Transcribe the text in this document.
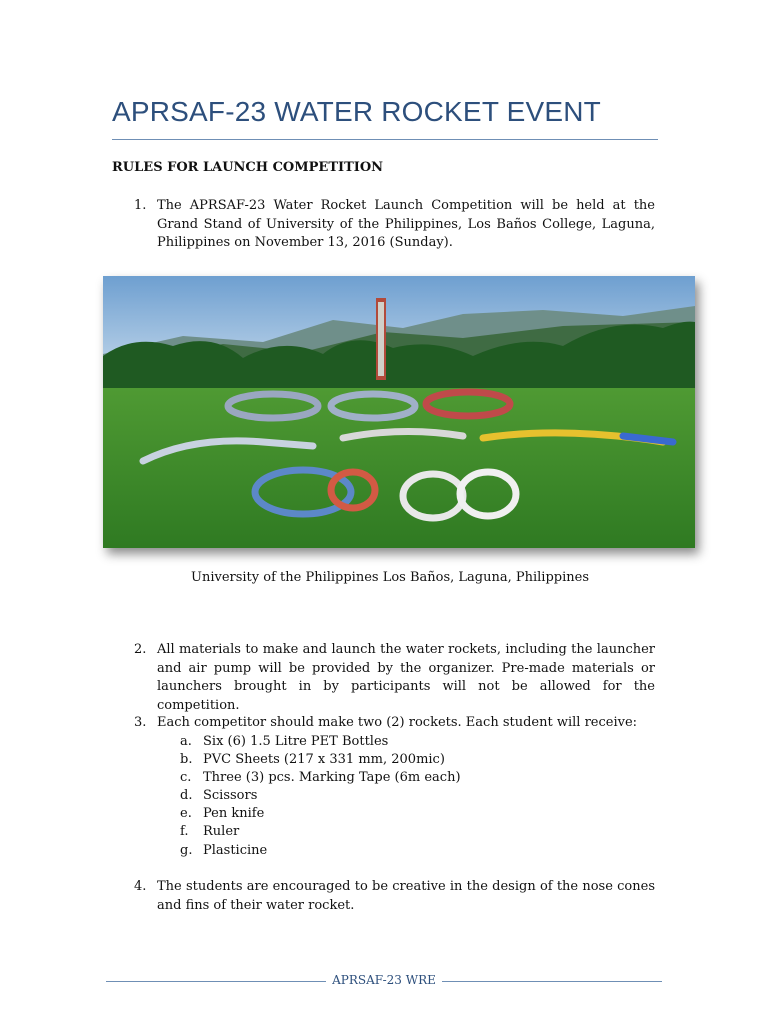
APRSAF-23 WATER ROCKET EVENT
RULES FOR LAUNCH COMPETITION
1. The APRSAF-23 Water Rocket Launch Competition will be held at the Grand Stand of University of the Philippines, Los Baños College, Laguna, Philippines on November 13, 2016 (Sunday).
University of the Philippines Los Baños, Laguna, Philippines
2. All materials to make and launch the water rockets, including the launcher and air pump will be provided by the organizer. Pre-made materials or launchers brought in by participants will not be allowed for the competition.
3. Each competitor should make two (2) rockets. Each student will receive:
a. Six (6) 1.5 Litre PET Bottles
b. PVC Sheets (217 x 331 mm, 200mic)
c. Three (3) pcs. Marking Tape (6m each)
d. Scissors
e. Pen knife
f.	Ruler
g. Plasticine
4. The students are encouraged to be creative in the design of the nose cones and fins of their water rocket.
APRSAF-23 WRE
